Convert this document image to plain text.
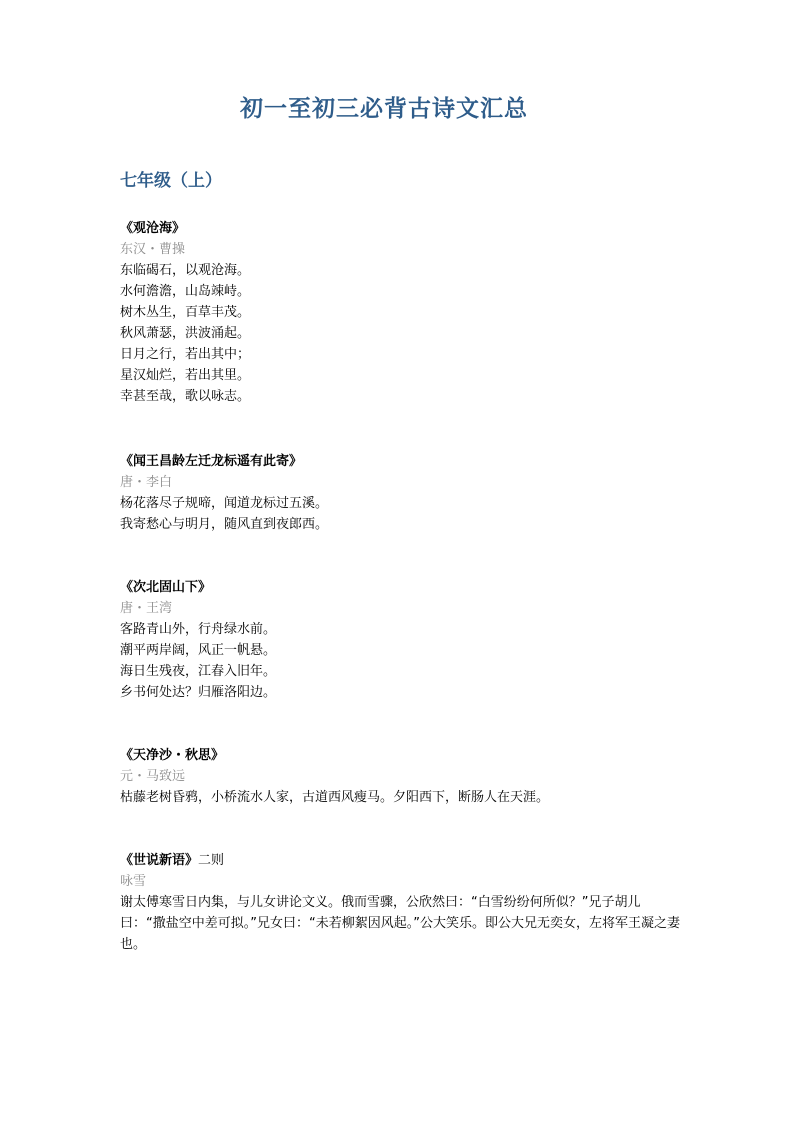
初一至初三必背古诗文汇总
七年级（上）

《观沧海》

东汉・曹操

东临碣石，以观沧海。

水何澹澹，山岛竦峙。

树木丛生，百草丰茂。

秋风萧瑟，洪波涌起。

日月之行，若出其中；

星汉灿烂，若出其里。

幸甚至哉，歌以咏志。

《闻王昌龄左迁龙标遥有此寄》

唐・李白

杨花落尽子规啼，闻道龙标过五溪。

我寄愁心与明月，随风直到夜郎西。

《次北固山下》

唐・王湾

客路青山外，行舟绿水前。

潮平两岸阔，风正一帆悬。

海日生残夜，江春入旧年。

乡书何处达？归雁洛阳边。

《天净沙・秋思》

元・马致远

枯藤老树昏鸦，小桥流水人家，古道西风瘦马。夕阳西下，断肠人在天涯。

《世说新语》二则

咏雪

谢太傅寒雪日内集，与儿女讲论文义。俄而雪骤，公欣然曰：“白雪纷纷何所似？”兄子胡儿曰：“撒盐空中差可拟。”兄女曰：“未若柳絮因风起。”公大笑乐。即公大兄无奕女，左将军王凝之妻也。
